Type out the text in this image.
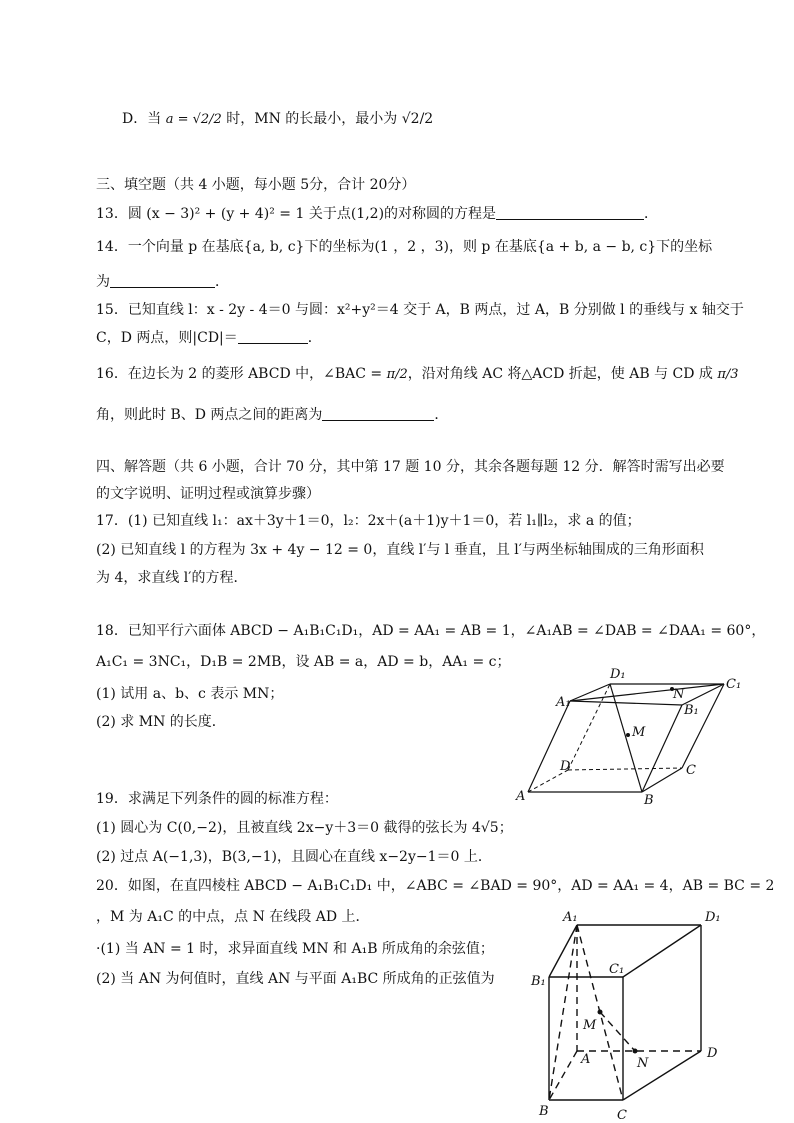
D．当 a = √2/2 时，MN 的长最小，最小为 √2/2
三、填空题（共 4 小题，每小题 5分，合计 20分）
13．圆 (x − 3)² + (y + 4)² = 1 关于点(1,2)的对称圆的方程是	．
14．一个向量 p 在基底{a, b, c}下的坐标为(1 ，2 ，3)，则 p 在基底{a + b, a − b, c}下的坐标
为	．
15．已知直线 l：x - 2y - 4＝0 与圆：x²+y²＝4 交于 A，B 两点，过 A，B 分别做 l 的垂线与 x 轴交于
C，D 两点，则|CD|＝	．
16．在边长为 2 的菱形 ABCD 中，∠BAC = π/2，沿对角线 AC 将△ACD 折起，使 AB 与 CD 成 π/3
角，则此时 B、D 两点之间的距离为	．
四、解答题（共 6 小题，合计 70 分，其中第 17 题 10 分，其余各题每题 12 分．解答时需写出必要
的文字说明、证明过程或演算步骤）
17．(1) 已知直线 l₁：ax＋3y＋1＝0，l₂：2x＋(a＋1)y＋1＝0，若 l₁∥l₂，求 a 的值；
(2) 已知直线 l 的方程为 3x + 4y − 12 = 0，直线 l′与 l 垂直，且 l′与两坐标轴围成的三角形面积
为 4，求直线 l′的方程．
18．已知平行六面体 ABCD − A₁B₁C₁D₁，AD = AA₁ = AB = 1，∠A₁AB = ∠DAB = ∠DAA₁ = 60°，
A₁C₁ = 3NC₁，D₁B = 2MB，设 AB = a，AD = b，AA₁ = c；
(1) 试用 a、b、c 表示 MN；
(2) 求 MN 的长度．
19．求满足下列条件的圆的标准方程：
(1) 圆心为 C(0,−2)，且被直线 2x−y＋3＝0 截得的弦长为 4√5；
(2) 过点 A(−1,3)，B(3,−1)，且圆心在直线 x−2y−1＝0 上．
20．如图，在直四棱柱 ABCD − A₁B₁C₁D₁ 中，∠ABC = ∠BAD = 90°，AD = AA₁ = 4，AB = BC = 2
，M 为 A₁C 的中点，点 N 在线段 AD 上．
·(1) 当 AN = 1 时，求异面直线 MN 和 A₁B 所成角的余弦值；
(2) 当 AN 为何值时，直线 AN 与平面 A₁BC 所成角的正弦值为
A	B
C
D
A₁
B₁
C₁
D₁
M
N
B	C
D
A
A₁
B₁
C₁
D₁
M
N
